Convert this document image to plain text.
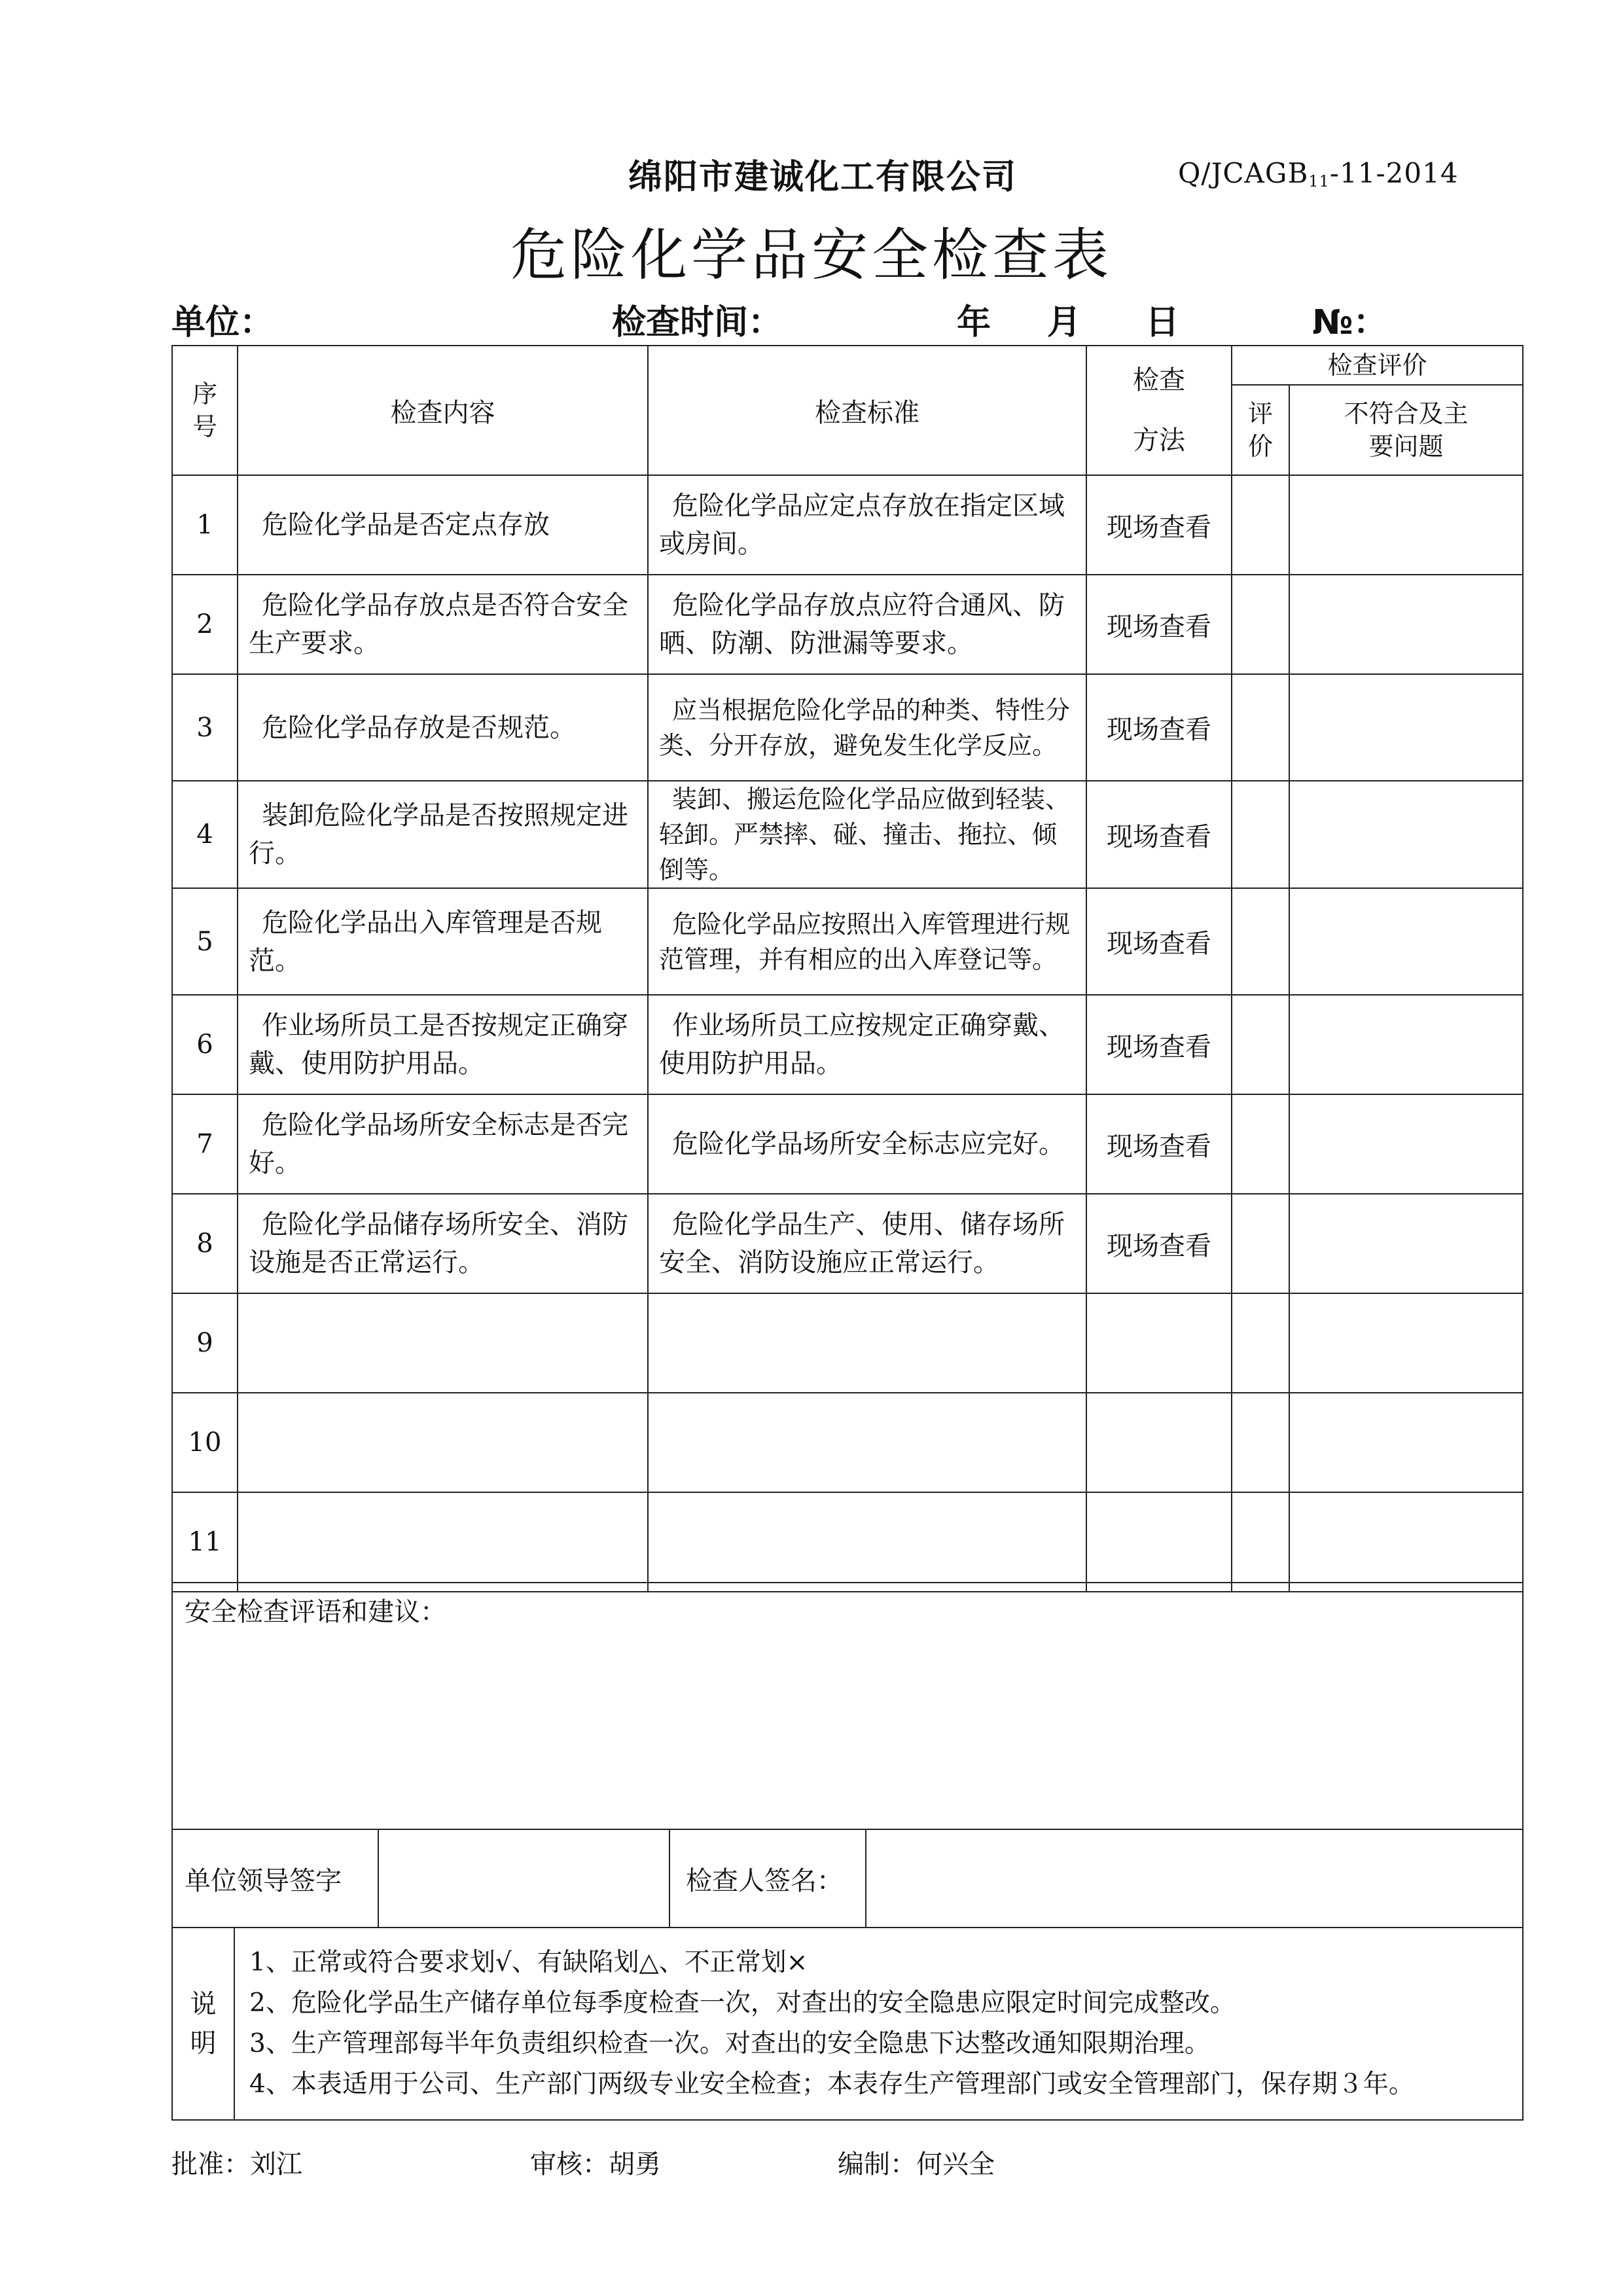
绵阳市建诚化工有限公司	$Q/JCAGB_{11}-11-2014$
危险化学品安全检查表
单位：	检查时间：	年 月 日	№：
序号	检查内容	检查标准	检查方法	检查评价	
				评价	不符合及主要问题
1	危险化学品是否定点存放	危险化学品应定点存放在指定区域或房间。	现场查看		
2	危险化学品存放点是否符合安全生产要求。	危险化学品存放点应符合通风、防晒、防潮、防泄漏等要求。	现场查看		
3	危险化学品存放是否规范。	应当根据危险化学品的种类、特性分类、分开存放，避免发生化学反应。	现场查看		
4	装卸危险化学品是否按照规定进行。	装卸、搬运危险化学品应做到轻装、轻卸。严禁摔、碰、撞击、拖拉、倾倒等。	现场查看		
5	危险化学品出入库管理是否规范。	危险化学品应按照出入库管理进行规范管理，并有相应的出入库登记等。	现场查看		
6	作业场所员工是否按规定正确穿戴、使用防护用品。	作业场所员工应按规定正确穿戴、使用防护用品。	现场查看		
7	危险化学品场所安全标志是否完好。	危险化学品场所安全标志应完好。	现场查看		
8	危险化学品储存场所安全、消防设施是否正常运行。	危险化学品生产、使用、储存场所安全、消防设施应正常运行。	现场查看		
9					
10					
11					
安全检查评语和建议：				
单位领导签字			检查人签名：	
说明	1、正常或符合要求划√、有缺陷划△、不正常划×
2、危险化学品生产储存单位每季度检查一次，对查出的安全隐患应限定时间完成整改。
3、生产管理部每半年负责组织检查一次。对查出的安全隐患下达整改通知限期治理。
4、本表适用于公司、生产部门两级专业安全检查；本表存生产管理部门或安全管理部门，保存期３年。			
批准：刘江	审核：胡勇	编制：何兴全
